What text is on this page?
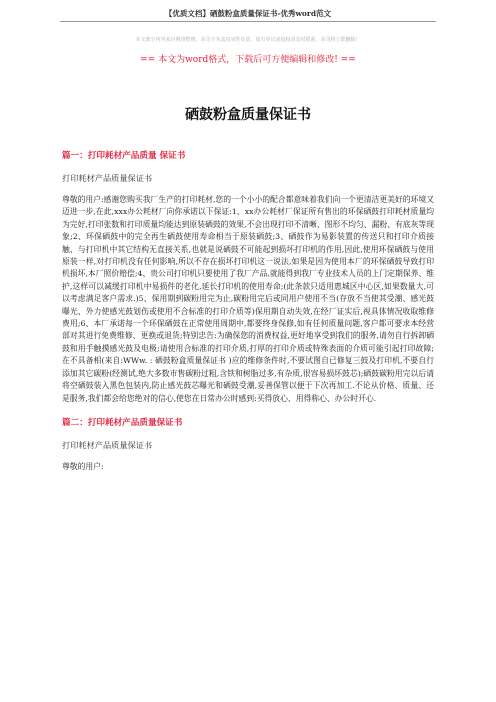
【优质文档】硒鼓粉盒质量保证书-优秀word范文
本文部分内容来自网络整理，本司不为其真实性负责，如有异议或侵权请及时联系，本司将立即删除！
== 本文为word格式，下载后可方便编辑和修改! ==
硒鼓粉盒质量保证书

篇一：打印耗材产品质量 保证书

打印耗材产品质量保证书

尊敬的用户:感谢您购买我厂生产的打印耗材,您的一个小小的配合都意味着我们向一个更清洁更美好的环境又迈进一步,在此,xxx办公耗材厂向你承诺以下保证:1、xx办公耗材厂保证所有售出的环保硒鼓打印耗材质量均为完好,打印张数和打印质量均能达到原装硒鼓的效果,不会出现打印不清晰、图形不均匀、漏粉、有底灰等现象;2、环保硒鼓中的完全再生硒鼓使用寿命相当于原装硒鼓;3、硒鼓作为易影装置的传送只和打印介质接触、与打印机中其它结构无直接关系,也就是说硒鼓不可能起到损坏打印机的作用,因此,使用环保硒鼓与使用原装一样,对打印机没有任何影响,所以不存在损坏打印机这一说法,如果是因为使用本厂的环保硒鼓导致打印机损坏,本厂照价赔偿;4、贵公司打印机只要使用了我厂产品,就能得到我厂专业技术人员的上门定期保养、维护,这样可以减缓打印机中易损件的老化,延长打印机的使用寿命;(此条款只适用惠城区中心区,如果数量大,可以考虑满足客户需求.)5、保用期到碳粉用完为止,碳粉用完后或同用户使用不当(存放不当使其受潮、感光鼓曝光、外力使感光鼓划伤或使用不合标准的打印介质等)保用期自动失效,在经厂证实后,视具体情况收取维修费用;6、本厂承诺每一个环保硒鼓在正常使用周期中,都要终身保修,如有任何质量问题,客户都可要求本经营部对其进行免费维修、更换或退货;特别忠告:为确保您的消费权益,更好地享受到我们的服务,请勿自行拆卸硒鼓和用手触摸感光鼓及电极;请使用合标准的打印介质,打厚的打印介质或特殊表面的介质可能引起打印故障;在不具备相(来自:WWw. : 硒鼓粉盒质量保证书 )应的维修条件时,不要试图自已修复三鼓及打印机,不要自行添加其它碳粉(经测试,绝大多数市售碳粉过粗,含铁和树脂过多,有杂质,很容易损坏鼓芯);硒鼓碳粉用完以后请将空硒鼓装入黑色包装内,防止感光鼓芯曝光和硒鼓受潮,妥善保管以便于下次再加工.不论从价格、质量、还是服务,我们都会给您绝对的信心,使您在日常办公时感到:买得放心、用得称心、办公时开心.

篇二：打印耗材产品质量保证书

打印耗材产品质量保证书

尊敬的用户:
